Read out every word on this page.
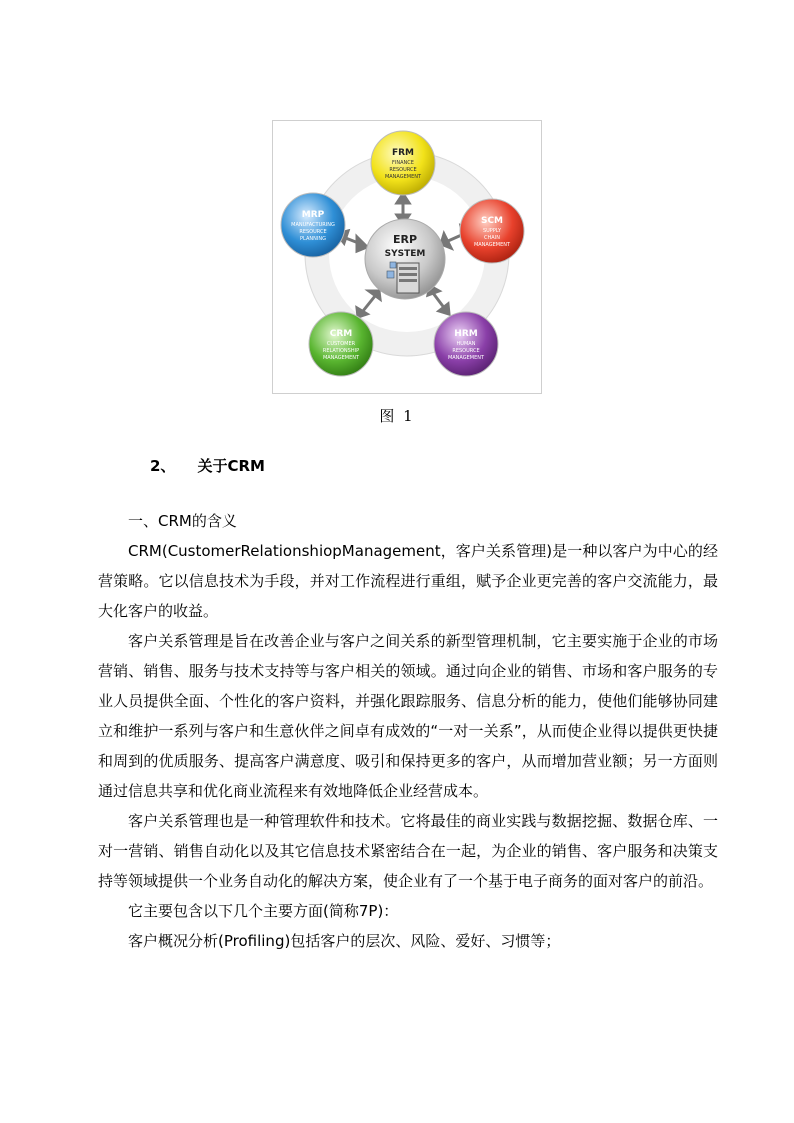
ERP
SYSTEM
FRM
FINANCE
RESOURCE
MANAGEMENT
SCM
SUPPLY
CHAIN
MANAGEMENT
HRM
HUMAN
RESOURCE
MANAGEMENT
CRM
CUSTOMER
RELATIONSHIP
MANAGEMENT
MRP
MANUFACTURING
RESOURCE
PLANNING
图 1
2、 关于CRM
一、CRM的含义

CRM(CustomerRelationshiopManagement，客户关系管理)是一种以客户为中心的经营策略。它以信息技术为手段，并对工作流程进行重组，赋予企业更完善的客户交流能力，最大化客户的收益。

客户关系管理是旨在改善企业与客户之间关系的新型管理机制，它主要实施于企业的市场营销、销售、服务与技术支持等与客户相关的领域。通过向企业的销售、市场和客户服务的专业人员提供全面、个性化的客户资料，并强化跟踪服务、信息分析的能力，使他们能够协同建立和维护一系列与客户和生意伙伴之间卓有成效的“一对一关系”，从而使企业得以提供更快捷和周到的优质服务、提高客户满意度、吸引和保持更多的客户，从而增加营业额；另一方面则通过信息共享和优化商业流程来有效地降低企业经营成本。

客户关系管理也是一种管理软件和技术。它将最佳的商业实践与数据挖掘、数据仓库、一对一营销、销售自动化以及其它信息技术紧密结合在一起，为企业的销售、客户服务和决策支持等领域提供一个业务自动化的解决方案，使企业有了一个基于电子商务的面对客户的前沿。

它主要包含以下几个主要方面(简称7P)：

客户概况分析(Profiling)包括客户的层次、风险、爱好、习惯等；
